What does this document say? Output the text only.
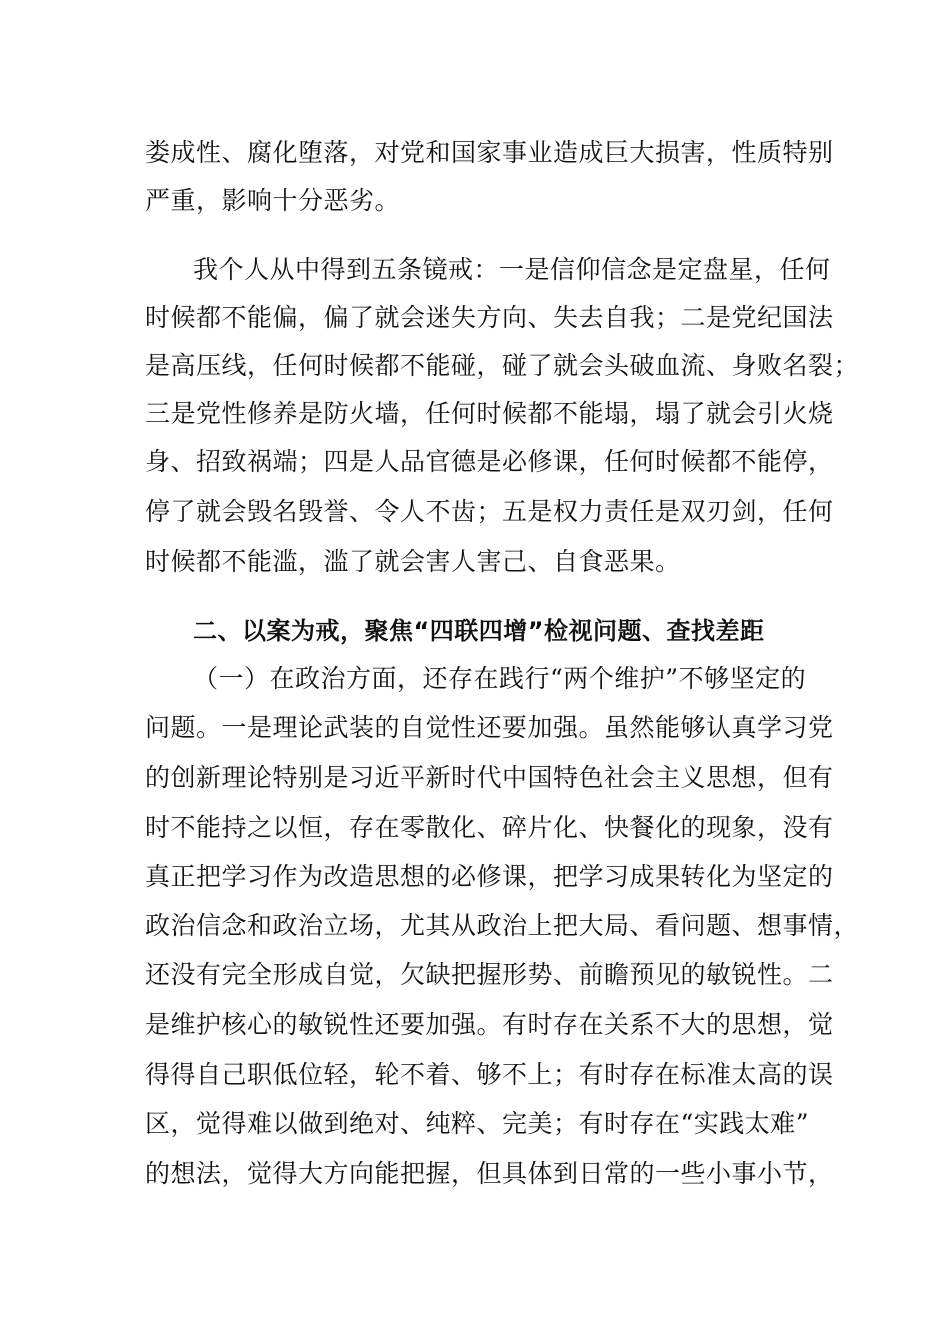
娄成性、腐化堕落，对党和国家事业造成巨大损害，性质特别
严重，影响十分恶劣。
我个人从中得到五条镜戒：一是信仰信念是定盘星，任何
时候都不能偏，偏了就会迷失方向、失去自我；二是党纪国法
是高压线，任何时候都不能碰，碰了就会头破血流、身败名裂；
三是党性修养是防火墙，任何时候都不能塌，塌了就会引火烧
身、招致祸端；四是人品官德是必修课，任何时候都不能停，
停了就会毁名毁誉、令人不齿；五是权力责任是双刃剑，任何
时候都不能滥，滥了就会害人害己、自食恶果。
二、以案为戒，聚焦“四联四增”检视问题、查找差距
（一）在政治方面，还存在践行“两个维护”不够坚定的
问题。一是理论武装的自觉性还要加强。虽然能够认真学习党
的创新理论特别是习近平新时代中国特色社会主义思想，但有
时不能持之以恒，存在零散化、碎片化、快餐化的现象，没有
真正把学习作为改造思想的必修课，把学习成果转化为坚定的
政治信念和政治立场，尤其从政治上把大局、看问题、想事情，
还没有完全形成自觉，欠缺把握形势、前瞻预见的敏锐性。二
是维护核心的敏锐性还要加强。有时存在关系不大的思想，觉
得得自己职低位轻，轮不着、够不上；有时存在标准太高的误
区，觉得难以做到绝对、纯粹、完美；有时存在“实践太难”
的想法，觉得大方向能把握，但具体到日常的一些小事小节，
